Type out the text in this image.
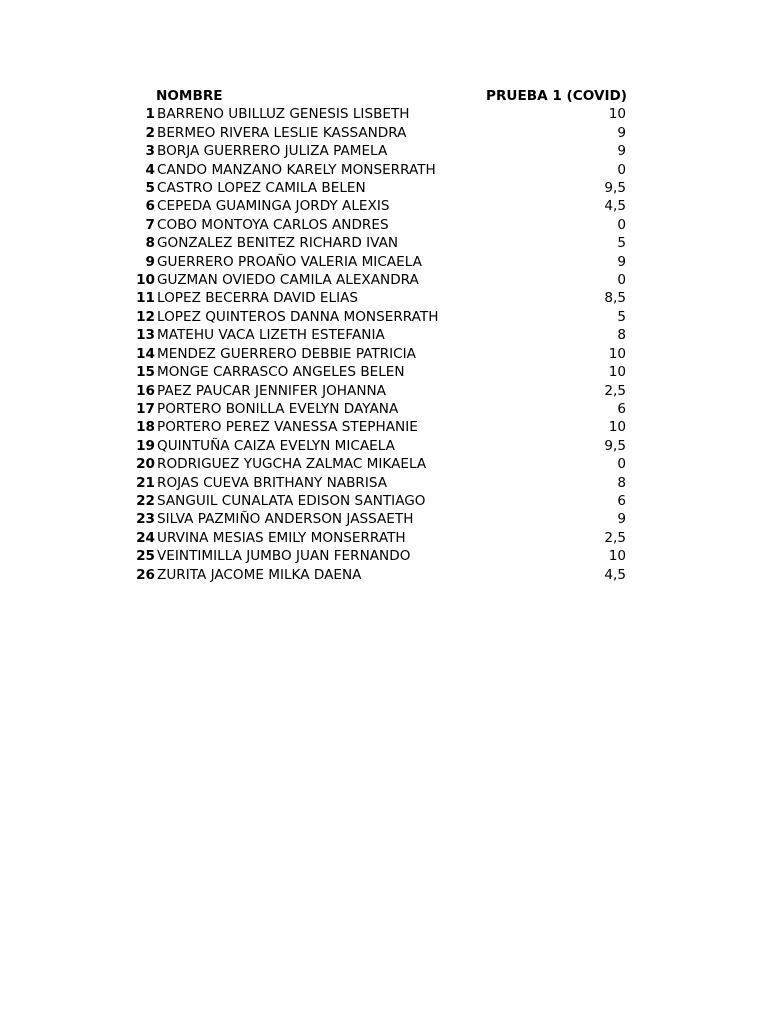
	NOMBRE	PRUEBA 1 (COVID)
1	BARRENO UBILLUZ GENESIS LISBETH	10
2	BERMEO RIVERA LESLIE KASSANDRA	9
3	BORJA GUERRERO JULIZA PAMELA	9
4	CANDO MANZANO KARELY MONSERRATH	0
5	CASTRO LOPEZ CAMILA BELEN	9,5
6	CEPEDA GUAMINGA JORDY ALEXIS	4,5
7	COBO MONTOYA CARLOS ANDRES	0
8	GONZALEZ BENITEZ RICHARD IVAN	5
9	GUERRERO PROAÑO VALERIA MICAELA	9
10	GUZMAN OVIEDO CAMILA ALEXANDRA	0
11	LOPEZ BECERRA DAVID ELIAS	8,5
12	LOPEZ QUINTEROS DANNA MONSERRATH	5
13	MATEHU VACA LIZETH ESTEFANIA	8
14	MENDEZ GUERRERO DEBBIE PATRICIA	10
15	MONGE CARRASCO ANGELES BELEN	10
16	PAEZ PAUCAR JENNIFER JOHANNA	2,5
17	PORTERO BONILLA EVELYN DAYANA	6
18	PORTERO PEREZ VANESSA STEPHANIE	10
19	QUINTUÑA CAIZA EVELYN MICAELA	9,5
20	RODRIGUEZ YUGCHA ZALMAC MIKAELA	0
21	ROJAS CUEVA BRITHANY NABRISA	8
22	SANGUIL CUNALATA EDISON SANTIAGO	6
23	SILVA PAZMIÑO ANDERSON JASSAETH	9
24	URVINA MESIAS EMILY MONSERRATH	2,5
25	VEINTIMILLA JUMBO JUAN FERNANDO	10
26	ZURITA JACOME MILKA DAENA	4,5
